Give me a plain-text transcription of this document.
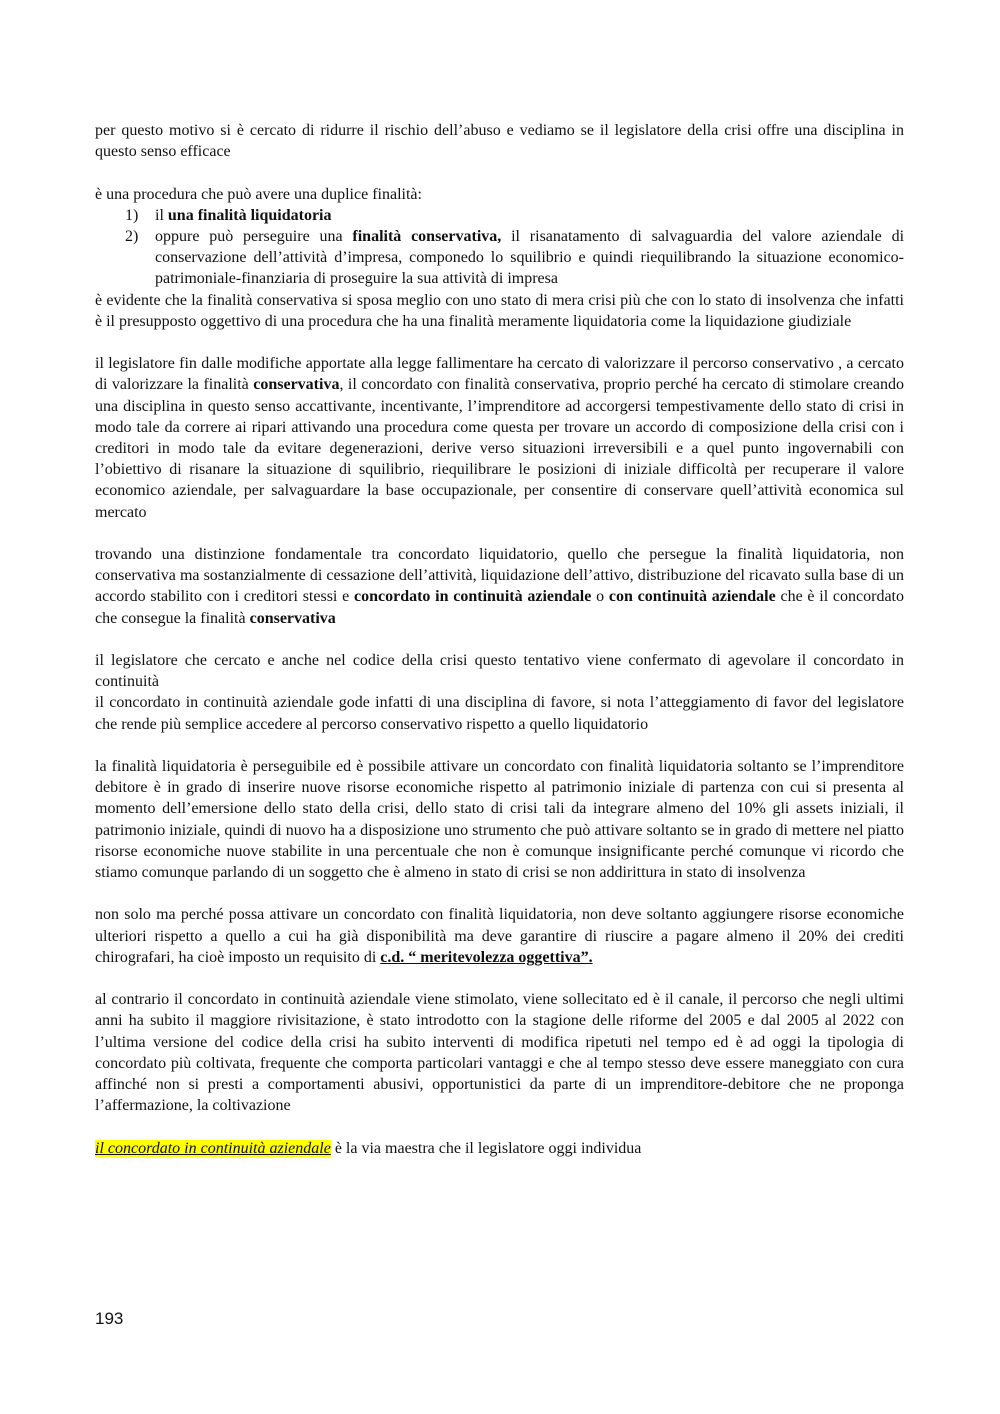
per questo motivo si è cercato di ridurre il rischio dell’abuso e vediamo se il legislatore della crisi offre una disciplina in questo senso efficace

è una procedura che può avere una duplice finalità:

1) il una finalità liquidatoria
2) oppure può perseguire una finalità conservativa, il risanatamento di salvaguardia del valore aziendale di conservazione dell’attività d’impresa, componedo lo squilibrio e quindi riequilibrando la situazione economico-patrimoniale-finanziaria di proseguire la sua attività di impresa

è evidente che la finalità conservativa si sposa meglio con uno stato di mera crisi più che con lo stato di insolvenza che infatti è il presupposto oggettivo di una procedura che ha una finalità meramente liquidatoria come la liquidazione giudiziale

il legislatore fin dalle modifiche apportate alla legge fallimentare ha cercato di valorizzare il percorso conservativo , a cercato di valorizzare la finalità conservativa, il concordato con finalità conservativa, proprio perché ha cercato di stimolare creando una disciplina in questo senso accattivante, incentivante, l’imprenditore ad accorgersi tempestivamente dello stato di crisi in modo tale da correre ai ripari attivando una procedura come questa per trovare un accordo di composizione della crisi con i creditori in modo tale da evitare degenerazioni, derive verso situazioni irreversibili e a quel punto ingovernabili con l’obiettivo di risanare la situazione di squilibrio, riequilibrare le posizioni di iniziale difficoltà per recuperare il valore economico aziendale, per salvaguardare la base occupazionale, per consentire di conservare quell’attività economica sul mercato

trovando una distinzione fondamentale tra concordato liquidatorio, quello che persegue la finalità liquidatoria, non conservativa ma sostanzialmente di cessazione dell’attività, liquidazione dell’attivo, distribuzione del ricavato sulla base di un accordo stabilito con i creditori stessi e concordato in continuità aziendale o con continuità aziendale che è il concordato che consegue la finalità conservativa

il legislatore che cercato e anche nel codice della crisi questo tentativo viene confermato di agevolare il concordato in continuità

il concordato in continuità aziendale gode infatti di una disciplina di favore, si nota l’atteggiamento di favor del legislatore che rende più semplice accedere al percorso conservativo rispetto a quello liquidatorio

la finalità liquidatoria è perseguibile ed è possibile attivare un concordato con finalità liquidatoria soltanto se l’imprenditore debitore è in grado di inserire nuove risorse economiche rispetto al patrimonio iniziale di partenza con cui si presenta al momento dell’emersione dello stato della crisi, dello stato di crisi tali da integrare almeno del 10% gli assets iniziali, il patrimonio iniziale, quindi di nuovo ha a disposizione uno strumento che può attivare soltanto se in grado di mettere nel piatto risorse economiche nuove stabilite in una percentuale che non è comunque insignificante perché comunque vi ricordo che stiamo comunque parlando di un soggetto che è almeno in stato di crisi se non addirittura in stato di insolvenza

non solo ma perché possa attivare un concordato con finalità liquidatoria, non deve soltanto aggiungere risorse economiche ulteriori rispetto a quello a cui ha già disponibilità ma deve garantire di riuscire a pagare almeno il 20% dei crediti chirografari, ha cioè imposto un requisito di c.d. “ meritevolezza oggettiva”.

al contrario il concordato in continuità aziendale viene stimolato, viene sollecitato ed è il canale, il percorso che negli ultimi anni ha subito il maggiore rivisitazione, è stato introdotto con la stagione delle riforme del 2005 e dal 2005 al 2022 con l’ultima versione del codice della crisi ha subito interventi di modifica ripetuti nel tempo ed è ad oggi la tipologia di concordato più coltivata, frequente che comporta particolari vantaggi e che al tempo stesso deve essere maneggiato con cura affinché non si presti a comportamenti abusivi, opportunistici da parte di un imprenditore-debitore che ne proponga l’affermazione, la coltivazione

il concordato in continuità aziendale è la via maestra che il legislatore oggi individua

193
